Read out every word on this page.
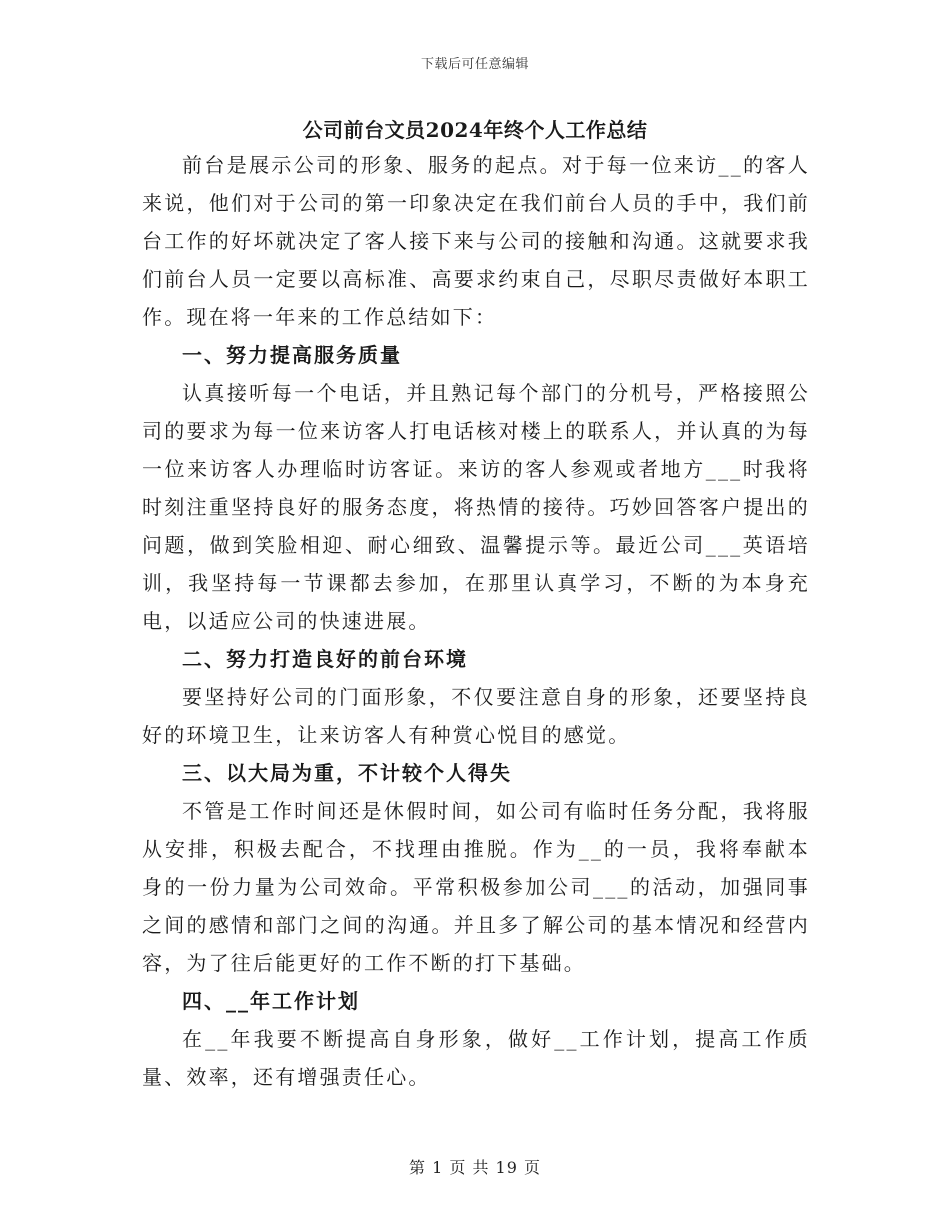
下载后可任意编辑
公司前台文员2024年终个人工作总结

前台是展示公司的形象、服务的起点。对于每一位来访__的客人来说，他们对于公司的第一印象决定在我们前台人员的手中，我们前台工作的好坏就决定了客人接下来与公司的接触和沟通。这就要求我们前台人员一定要以高标准、高要求约束自己，尽职尽责做好本职工作。现在将一年来的工作总结如下：

一、努力提高服务质量

认真接听每一个电话，并且熟记每个部门的分机号，严格接照公司的要求为每一位来访客人打电话核对楼上的联系人，并认真的为每一位来访客人办理临时访客证。来访的客人参观或者地方___时我将时刻注重坚持良好的服务态度，将热情的接待。巧妙回答客户提出的问题，做到笑脸相迎、耐心细致、温馨提示等。最近公司___英语培训，我坚持每一节课都去参加，在那里认真学习，不断的为本身充电，以适应公司的快速进展。

二、努力打造良好的前台环境

要坚持好公司的门面形象，不仅要注意自身的形象，还要坚持良好的环境卫生，让来访客人有种赏心悦目的感觉。

三、以大局为重，不计较个人得失

不管是工作时间还是休假时间，如公司有临时任务分配，我将服从安排，积极去配合，不找理由推脱。作为__的一员，我将奉献本身的一份力量为公司效命。平常积极参加公司___的活动，加强同事之间的感情和部门之间的沟通。并且多了解公司的基本情况和经营内容，为了往后能更好的工作不断的打下基础。

四、__年工作计划

在__年我要不断提高自身形象，做好__工作计划，提高工作质量、效率，还有增强责任心。

第 1 页 共 19 页
